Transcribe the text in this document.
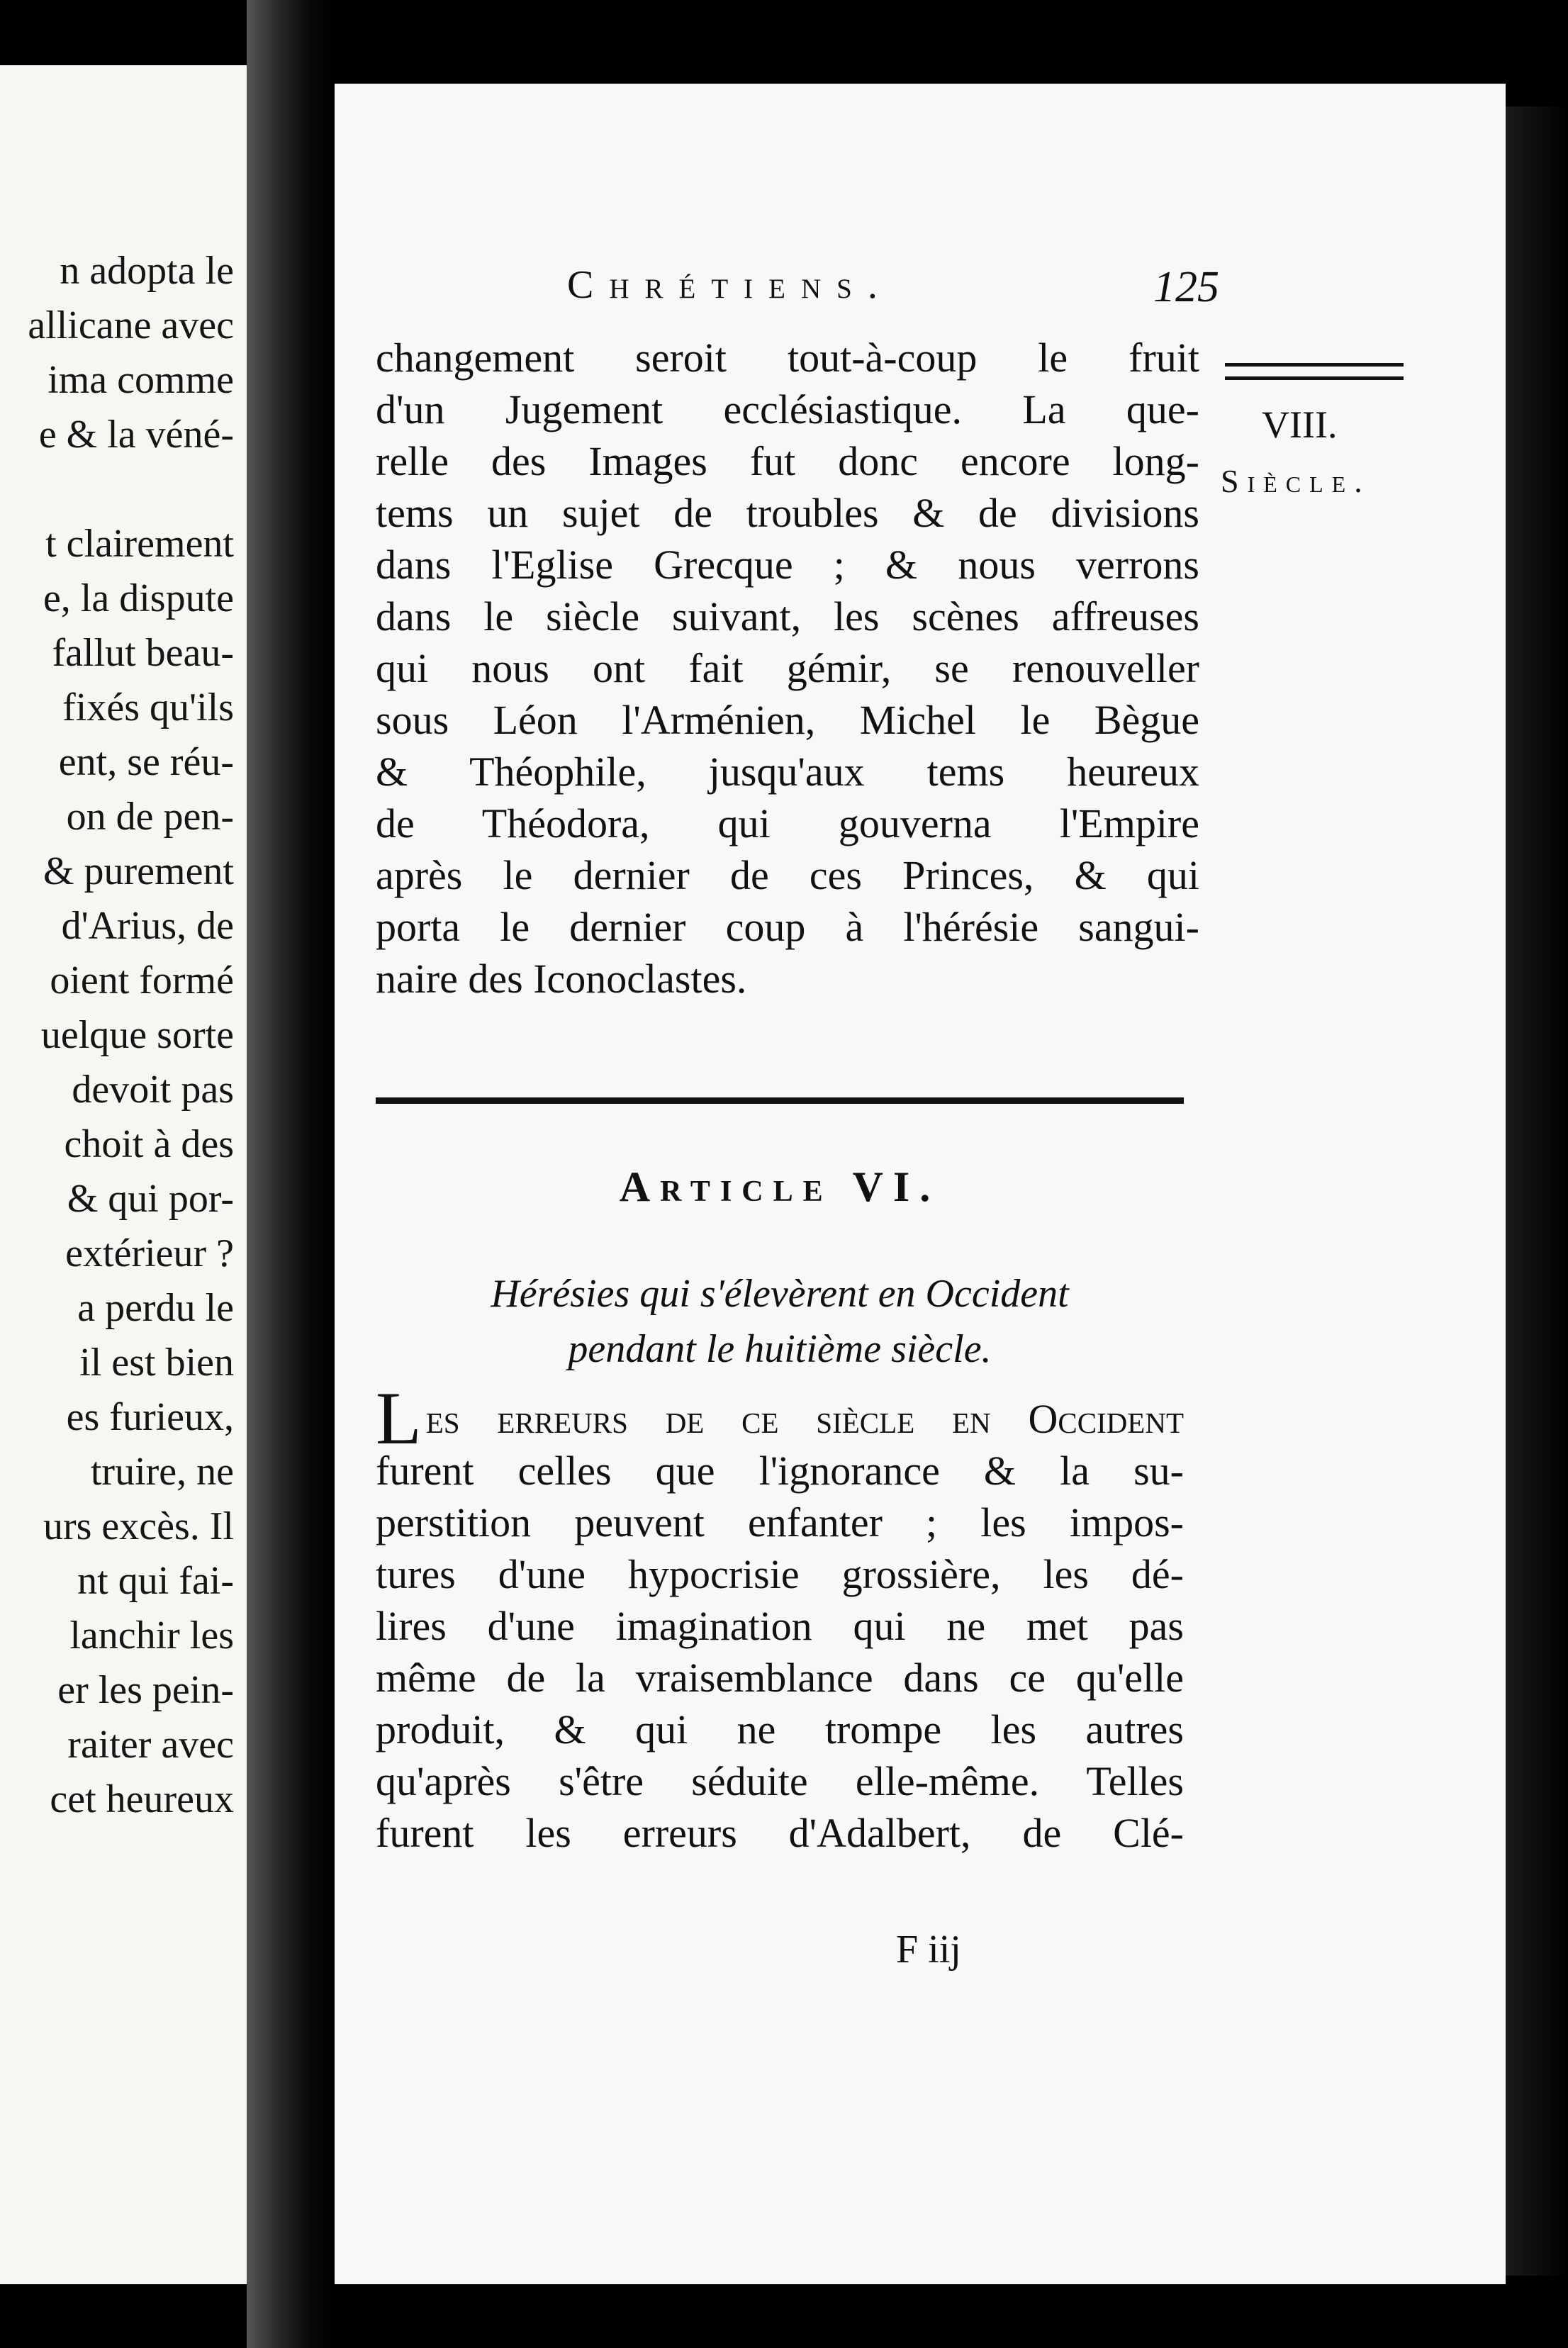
n adopta le
allicane avec
ima comme
e & la véné-
t clairement
e, la dispute
fallut beau-
fixés qu'ils
ent, se réu-
on de pen-
& purement
d'Arius, de
oient formé
uelque sorte
devoit pas
choit à des
& qui por-
extérieur ?
a perdu le
il est bien
es furieux,
truire, ne
urs excès. Il
nt qui fai-
lanchir les
er les pein-
raiter avec
cet heureux
Chrétiens.	125
VIII.
Siècle.
changement seroit tout-à-coup le fruit
d'un Jugement ecclésiastique. La que-
relle des Images fut donc encore long-
tems un sujet de troubles & de divisions
dans l'Eglise Grecque ; & nous verrons
dans le siècle suivant, les scènes affreuses
qui nous ont fait gémir, se renouveller
sous Léon l'Arménien, Michel le Bègue
& Théophile, jusqu'aux tems heureux
de Théodora, qui gouverna l'Empire
après le dernier de ces Princes, & qui
porta le dernier coup à l'hérésie sangui-
naire des Iconoclastes.
Article VI.
Hérésies qui s'élevèrent en Occident
pendant le huitième siècle.
Les erreurs de ce siècle en Occident
furent celles que l'ignorance & la su-
perstition peuvent enfanter ; les impos-
tures d'une hypocrisie grossière, les dé-
lires d'une imagination qui ne met pas
même de la vraisemblance dans ce qu'elle
produit, & qui ne trompe les autres
qu'après s'être séduite elle-même. Telles
furent les erreurs d'Adalbert, de Clé-
F iij
